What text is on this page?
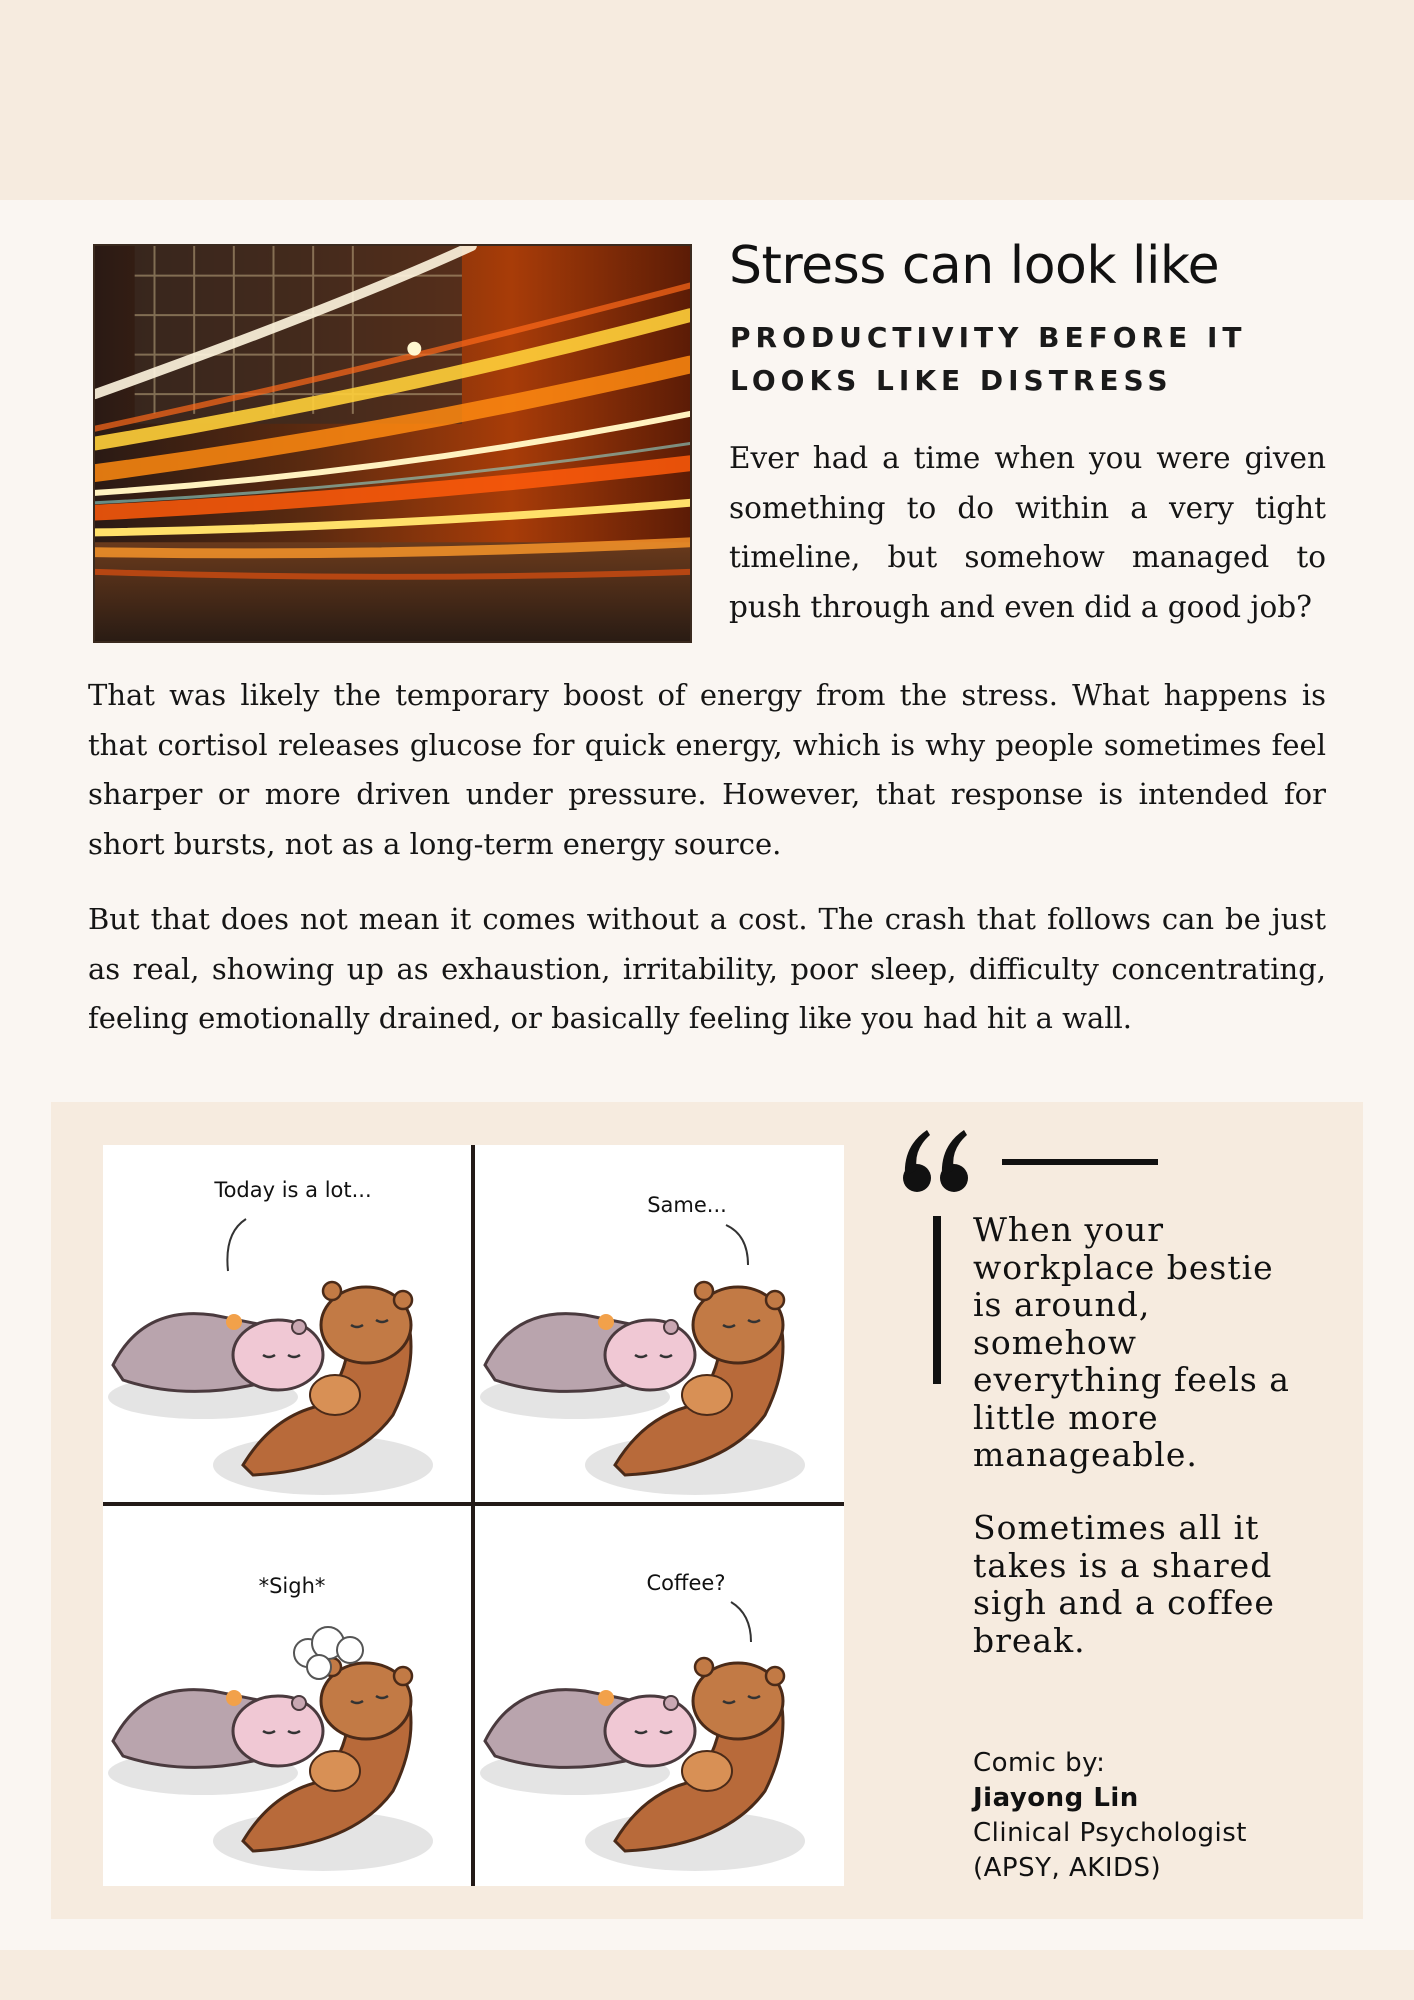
Stress can look like
PRODUCTIVITY BEFORE IT
LOOKS LIKE DISTRESS

Ever had a time when you were given something to do within a very tight timeline, but somehow managed to push through and even did a good job?

That was likely the temporary boost of energy from the stress. What happens is that cortisol releases glucose for quick energy, which is why people sometimes feel sharper or more driven under pressure. However, that response is intended for short bursts, not as a long-term energy source.

But that does not mean it comes without a cost. The crash that follows can be just as real, showing up as exhaustion, irritability, poor sleep, difficulty concentrating, feeling emotionally drained, or basically feeling like you had hit a wall.

Today is a lot...
Same...
*Sigh*	Coffee?

When your workplace bestie is around, somehow everything feels a little more manageable.

Sometimes all it takes is a shared sigh and a coffee break.

Comic by:
Jiayong Lin
Clinical Psychologist
(APSY, AKIDS)
